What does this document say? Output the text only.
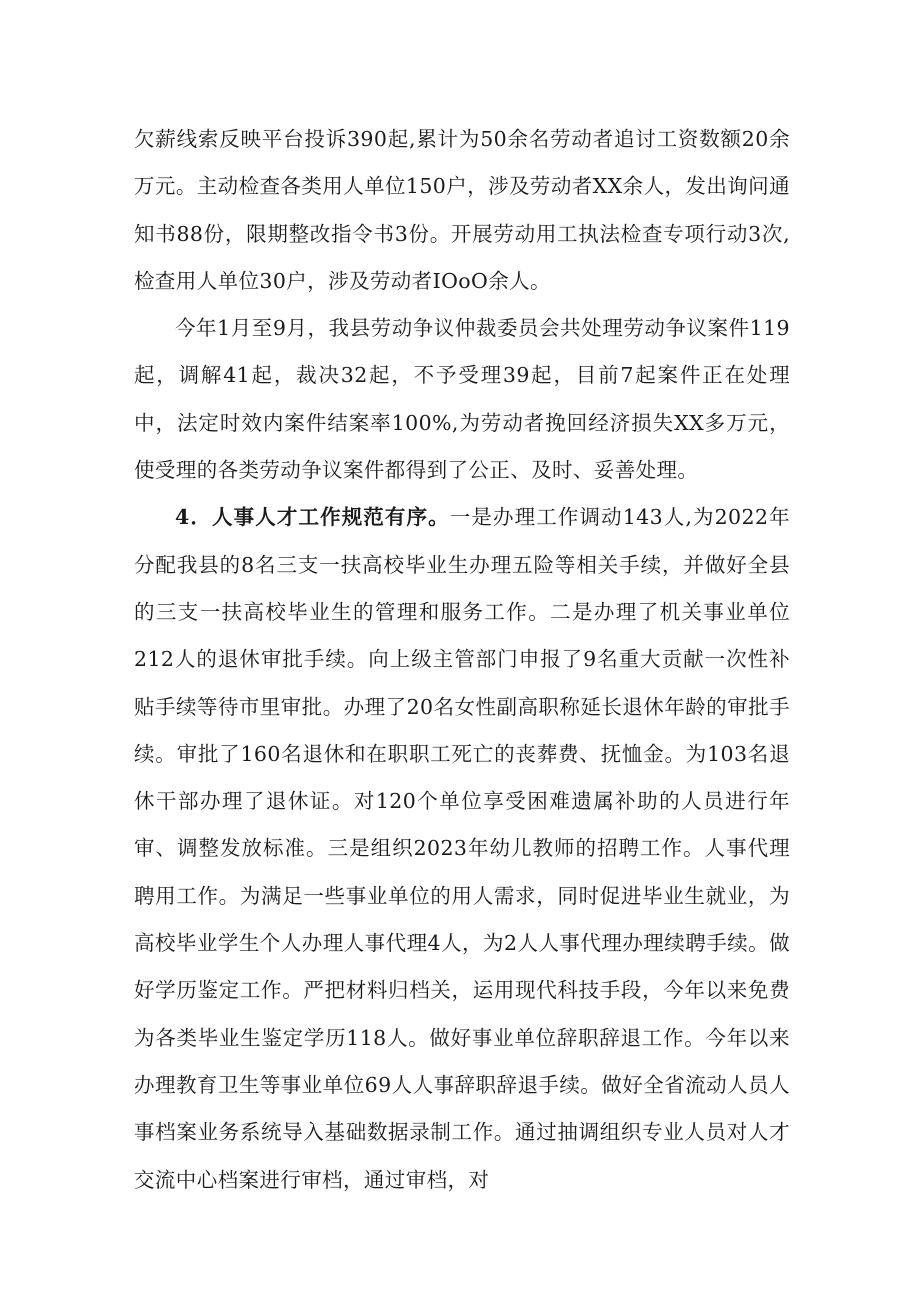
欠薪线索反映平台投诉390起,累计为50余名劳动者追讨工资数额20余万元。主动检查各类用人单位150户，涉及劳动者XX余人，发出询问通知书88份，限期整改指令书3份。开展劳动用工执法检查专项行动3次,检查用人单位30户，涉及劳动者IOoO余人。

今年1月至9月，我县劳动争议仲裁委员会共处理劳动争议案件119起，调解41起，裁决32起，不予受理39起，目前7起案件正在处理中，法定时效内案件结案率100%,为劳动者挽回经济损失XX多万元，使受理的各类劳动争议案件都得到了公正、及时、妥善处理。

4．人事人才工作规范有序。一是办理工作调动143人,为2022年分配我县的8名三支一扶高校毕业生办理五险等相关手续，并做好全县的三支一扶高校毕业生的管理和服务工作。二是办理了机关事业单位212人的退休审批手续。向上级主管部门申报了9名重大贡献一次性补贴手续等待市里审批。办理了20名女性副高职称延长退休年龄的审批手续。审批了160名退休和在职职工死亡的丧葬费、抚恤金。为103名退休干部办理了退休证。对120个单位享受困难遗属补助的人员进行年审、调整发放标准。三是组织2023年幼儿教师的招聘工作。人事代理聘用工作。为满足一些事业单位的用人需求，同时促进毕业生就业，为高校毕业学生个人办理人事代理4人，为2人人事代理办理续聘手续。做好学历鉴定工作。严把材料归档关，运用现代科技手段，今年以来免费为各类毕业生鉴定学历118人。做好事业单位辞职辞退工作。今年以来办理教育卫生等事业单位69人人事辞职辞退手续。做好全省流动人员人事档案业务系统导入基础数据录制工作。通过抽调组织专业人员对人才交流中心档案进行审档，通过审档，对
